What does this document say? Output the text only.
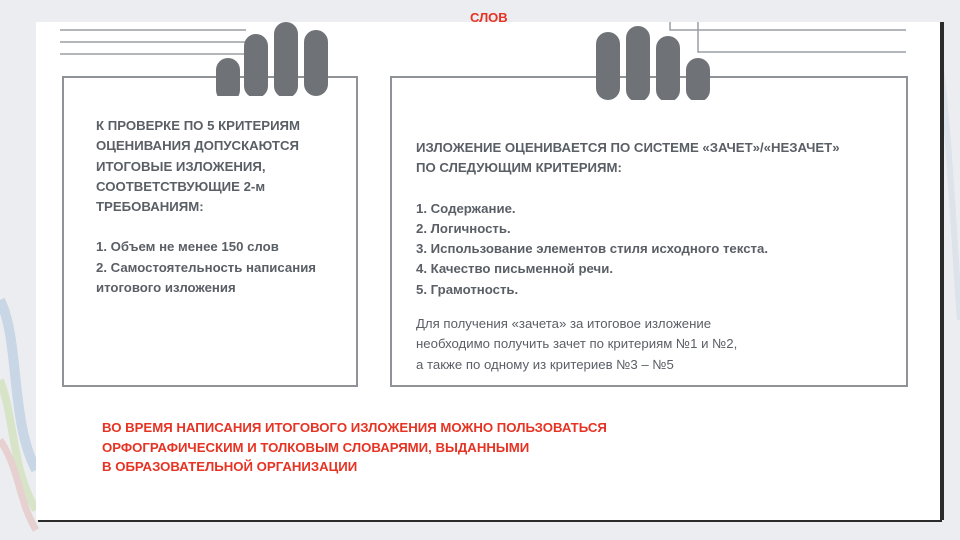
СЛОВ
ИЗЛОЖЕНИЕ ОЦЕНИВАЕТСЯ ПО СИСТЕМЕ «ЗАЧЕТ»/«НЕЗАЧЕТ»
ПО СЛЕДУЮЩИМ КРИТЕРИЯМ:
1. Содержание.
2. Логичность.
3. Использование элементов стиля исходного текста.
4. Качество письменной речи.
5. Грамотность.
Для получения «зачета» за итоговое изложение
необходимо получить зачет по критериям №1 и №2,
а также по одному из критериев №3 – №5
К ПРОВЕРКЕ ПО 5 КРИТЕРИЯМ
ОЦЕНИВАНИЯ ДОПУСКАЮТСЯ
ИТОГОВЫЕ ИЗЛОЖЕНИЯ,
СООТВЕТСТВУЮЩИЕ 2-м
ТРЕБОВАНИЯМ:
1. Объем не менее 150 слов
2. Самостоятельность написания
итогового изложения
ВО ВРЕМЯ НАПИСАНИЯ ИТОГОВОГО ИЗЛОЖЕНИЯ МОЖНО ПОЛЬЗОВАТЬСЯ
ОРФОГРАФИЧЕСКИМ И ТОЛКОВЫМ СЛОВАРЯМИ, ВЫДАННЫМИ
В ОБРАЗОВАТЕЛЬНОЙ ОРГАНИЗАЦИИ
